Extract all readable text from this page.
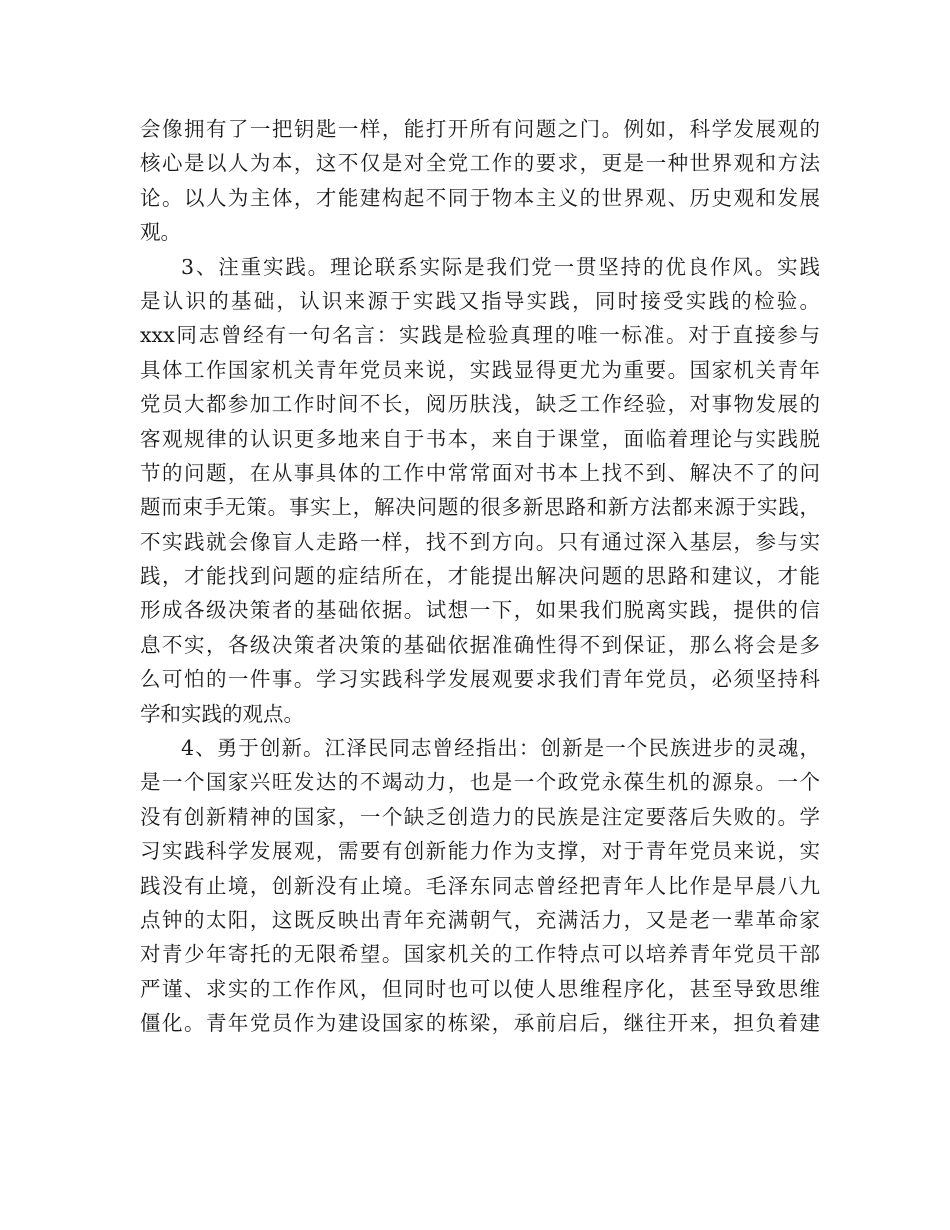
会像拥有了一把钥匙一样，能打开所有问题之门。例如，科学发展观的
核心是以人为本，这不仅是对全党工作的要求，更是一种世界观和方法
论。以人为主体，才能建构起不同于物本主义的世界观、历史观和发展
观。
3、注重实践。理论联系实际是我们党一贯坚持的优良作风。实践
是认识的基础，认识来源于实践又指导实践，同时接受实践的检验。
xxx同志曾经有一句名言：实践是检验真理的唯一标准。对于直接参与
具体工作国家机关青年党员来说，实践显得更尤为重要。国家机关青年
党员大都参加工作时间不长，阅历肤浅，缺乏工作经验，对事物发展的
客观规律的认识更多地来自于书本，来自于课堂，面临着理论与实践脱
节的问题，在从事具体的工作中常常面对书本上找不到、解决不了的问
题而束手无策。事实上，解决问题的很多新思路和新方法都来源于实践，
不实践就会像盲人走路一样，找不到方向。只有通过深入基层，参与实
践，才能找到问题的症结所在，才能提出解决问题的思路和建议，才能
形成各级决策者的基础依据。试想一下，如果我们脱离实践，提供的信
息不实，各级决策者决策的基础依据准确性得不到保证，那么将会是多
么可怕的一件事。学习实践科学发展观要求我们青年党员，必须坚持科
学和实践的观点。
4、勇于创新。江泽民同志曾经指出：创新是一个民族进步的灵魂，
是一个国家兴旺发达的不竭动力，也是一个政党永葆生机的源泉。一个
没有创新精神的国家，一个缺乏创造力的民族是注定要落后失败的。学
习实践科学发展观，需要有创新能力作为支撑，对于青年党员来说，实
践没有止境，创新没有止境。毛泽东同志曾经把青年人比作是早晨八九
点钟的太阳，这既反映出青年充满朝气，充满活力，又是老一辈革命家
对青少年寄托的无限希望。国家机关的工作特点可以培养青年党员干部
严谨、求实的工作作风，但同时也可以使人思维程序化，甚至导致思维
僵化。青年党员作为建设国家的栋梁，承前启后，继往开来，担负着建
